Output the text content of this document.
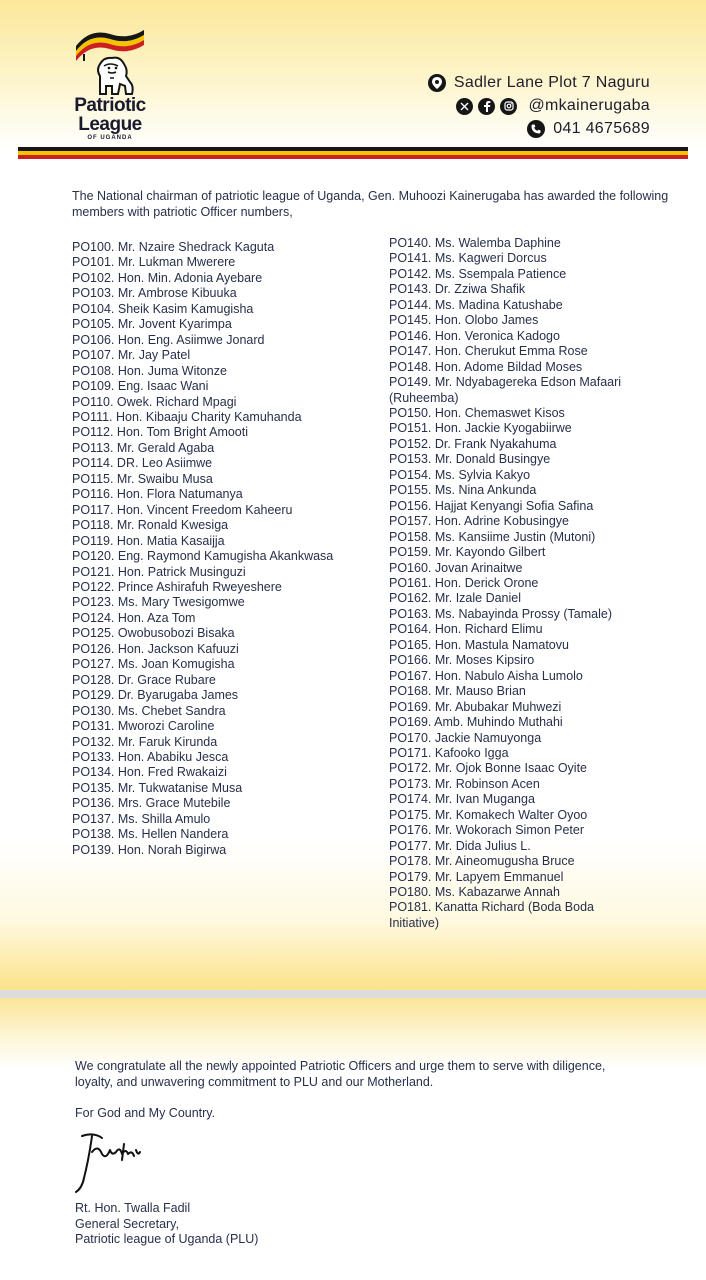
Patriotic
League
OF UGANDA
Sadler Lane Plot 7 Naguru
@mkainerugaba
041 4675689
The National chairman of patriotic league of Uganda, Gen. Muhoozi Kainerugaba has awarded the following members with patriotic Officer numbers,
PO100. Mr. Nzaire Shedrack Kaguta
PO101. Mr. Lukman Mwerere
PO102. Hon. Min. Adonia Ayebare
PO103. Mr. Ambrose Kibuuka
PO104. Sheik Kasim Kamugisha
PO105. Mr. Jovent Kyarimpa
PO106. Hon. Eng. Asiimwe Jonard
PO107. Mr. Jay Patel
PO108. Hon. Juma Witonze
PO109. Eng. Isaac Wani
PO110. Owek. Richard Mpagi
PO111. Hon. Kibaaju Charity Kamuhanda
PO112. Hon. Tom Bright Amooti
PO113. Mr. Gerald Agaba
PO114. DR. Leo Asiimwe
PO115. Mr. Swaibu Musa
PO116. Hon. Flora Natumanya
PO117. Hon. Vincent Freedom Kaheeru
PO118. Mr. Ronald Kwesiga
PO119. Hon. Matia Kasaijja
PO120. Eng. Raymond Kamugisha Akankwasa
PO121. Hon. Patrick Musinguzi
PO122. Prince Ashirafuh Rweyeshere
PO123. Ms. Mary Twesigomwe
PO124. Hon. Aza Tom
PO125. Owobusobozi Bisaka
PO126. Hon. Jackson Kafuuzi
PO127. Ms. Joan Komugisha
PO128. Dr. Grace Rubare
PO129. Dr. Byarugaba James
PO130. Ms. Chebet Sandra
PO131. Mworozi Caroline
PO132. Mr. Faruk Kirunda
PO133. Hon. Ababiku Jesca
PO134. Hon. Fred Rwakaizi
PO135. Mr. Tukwatanise Musa
PO136. Mrs. Grace Mutebile
PO137. Ms. Shilla Amulo
PO138. Ms. Hellen Nandera
PO139. Hon. Norah Bigirwa
PO140. Ms. Walemba Daphine
PO141. Ms. Kagweri Dorcus
PO142. Ms. Ssempala Patience
PO143. Dr. Zziwa Shafik
PO144. Ms. Madina Katushabe
PO145. Hon. Olobo James
PO146. Hon. Veronica Kadogo
PO147. Hon. Cherukut Emma Rose
PO148. Hon. Adome Bildad Moses
PO149. Mr. Ndyabagereka Edson Mafaari (Ruheemba)
PO150. Hon. Chemaswet Kisos
PO151. Hon. Jackie Kyogabiirwe
PO152. Dr. Frank Nyakahuma
PO153. Mr. Donald Busingye
PO154. Ms. Sylvia Kakyo
PO155. Ms. Nina Ankunda
PO156. Hajjat Kenyangi Sofia Safina
PO157. Hon. Adrine Kobusingye
PO158. Ms. Kansiime Justin (Mutoni)
PO159. Mr. Kayondo Gilbert
PO160. Jovan Arinaitwe
PO161. Hon. Derick Orone
PO162. Mr. Izale Daniel
PO163. Ms. Nabayinda Prossy (Tamale)
PO164. Hon. Richard Elimu
PO165. Hon. Mastula Namatovu
PO166. Mr. Moses Kipsiro
PO167. Hon. Nabulo Aisha Lumolo
PO168. Mr. Mauso Brian
PO169. Mr. Abubakar Muhwezi
PO169. Amb. Muhindo Muthahi
PO170. Jackie Namuyonga
PO171. Kafooko Igga
PO172. Mr. Ojok Bonne Isaac Oyite
PO173. Mr. Robinson Acen
PO174. Mr. Ivan Muganga
PO175. Mr. Komakech Walter Oyoo
PO176. Mr. Wokorach Simon Peter
PO177. Mr. Dida Julius L.
PO178. Mr. Aineomugusha Bruce
PO179. Mr. Lapyem Emmanuel
PO180. Ms. Kabazarwe Annah
PO181. Kanatta Richard (Boda Boda Initiative)
We congratulate all the newly appointed Patriotic Officers and urge them to serve with diligence, loyalty, and unwavering commitment to PLU and our Motherland.
For God and My Country.
Rt. Hon. Twalla Fadil
General Secretary,
Patriotic league of Uganda (PLU)
